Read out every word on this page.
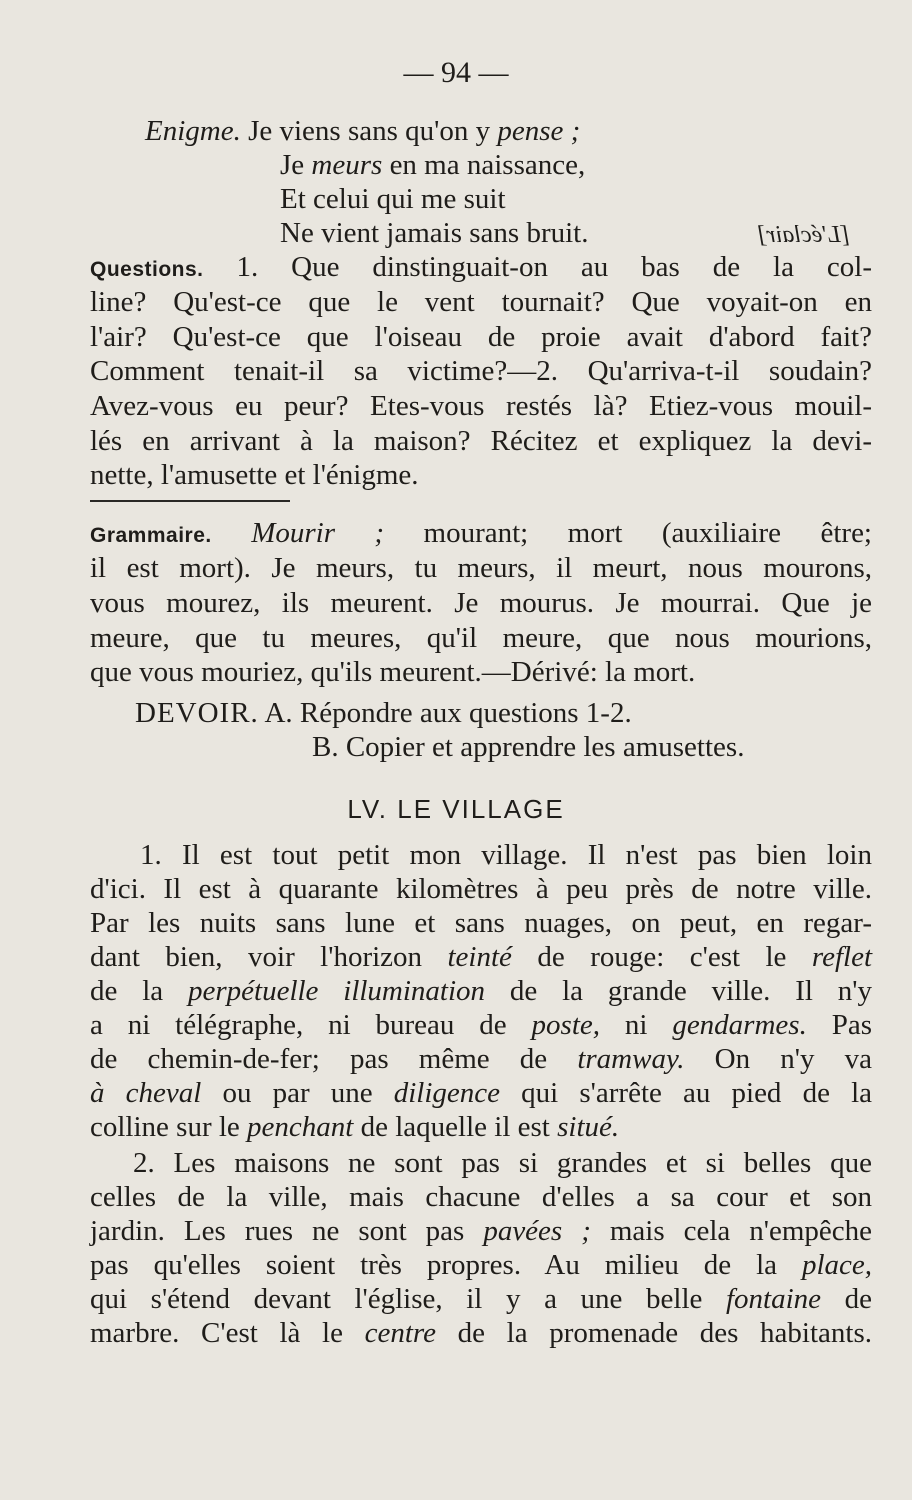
— 94 —
Enigme. Je viens sans qu'on y pense ;
Je meurs en ma naissance,
Et celui qui me suit
Ne vient jamais sans bruit.	[L'éclair]
Questions. 1. Que dinstinguait-on au bas de la col-
line? Qu'est-ce que le vent tournait? Que voyait-on en
l'air? Qu'est-ce que l'oiseau de proie avait d'abord fait?
Comment tenait-il sa victime?—2. Qu'arriva-t-il soudain?
Avez-vous eu peur? Etes-vous restés là? Etiez-vous mouil-
lés en arrivant à la maison? Récitez et expliquez la devi-
nette, l'amusette et l'énigme.
Grammaire. Mourir ; mourant; mort (auxiliaire être;
il est mort). Je meurs, tu meurs, il meurt, nous mourons,
vous mourez, ils meurent. Je mourus. Je mourrai. Que je
meure, que tu meures, qu'il meure, que nous mourions,
que vous mouriez, qu'ils meurent.—Dérivé: la mort.
DEVOIR. A. Répondre aux questions 1-2.
B. Copier et apprendre les amusettes.
LV. LE VILLAGE
1. Il est tout petit mon village. Il n'est pas bien loin
d'ici. Il est à quarante kilomètres à peu près de notre ville.
Par les nuits sans lune et sans nuages, on peut, en regar-
dant bien, voir l'horizon teinté de rouge: c'est le reflet
de la perpétuelle illumination de la grande ville. Il n'y
a ni télégraphe, ni bureau de poste, ni gendarmes. Pas
de chemin-de-fer; pas même de tramway. On n'y va
à cheval ou par une diligence qui s'arrête au pied de la
colline sur le penchant de laquelle il est situé.
2. Les maisons ne sont pas si grandes et si belles que
celles de la ville, mais chacune d'elles a sa cour et son
jardin. Les rues ne sont pas pavées ; mais cela n'empêche
pas qu'elles soient très propres. Au milieu de la place,
qui s'étend devant l'église, il y a une belle fontaine de
marbre. C'est là le centre de la promenade des habitants.
